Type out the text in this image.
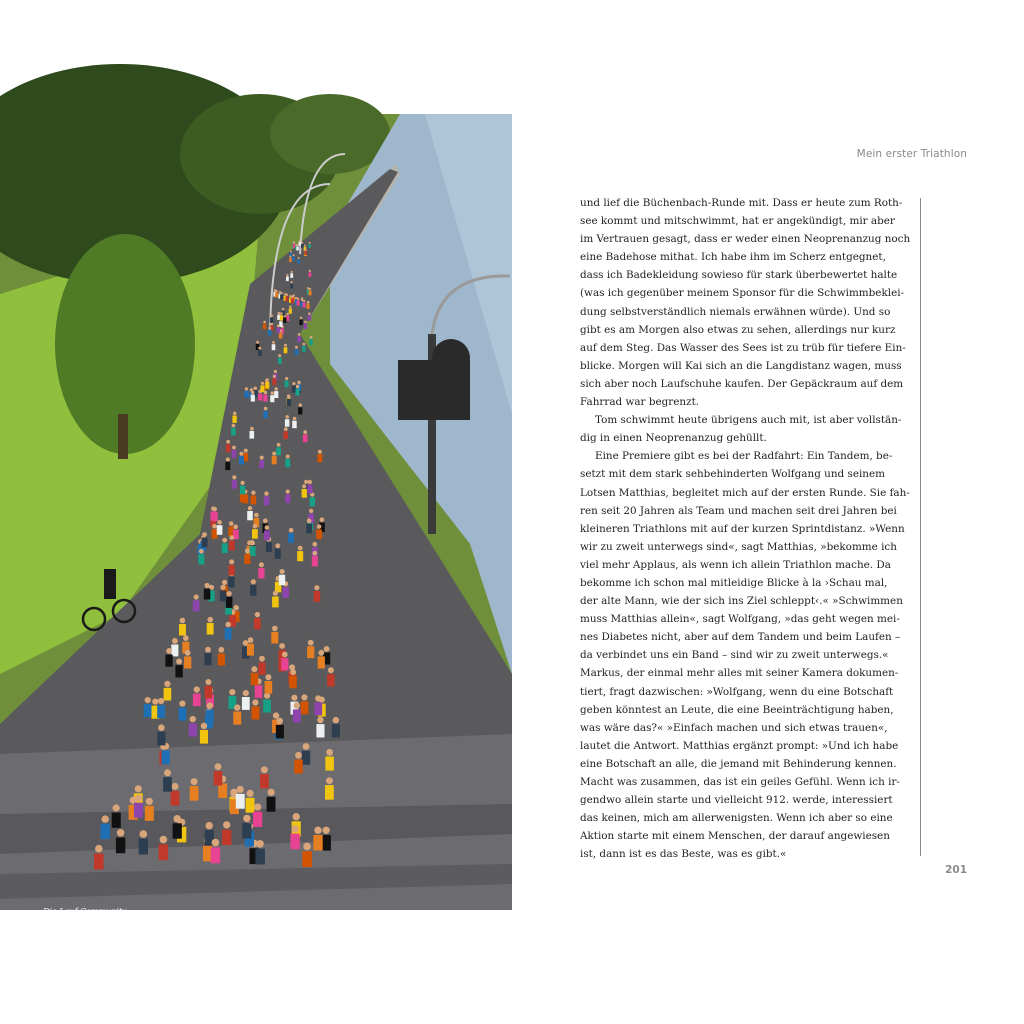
Die Lauf-Community
wird von Tag zu Tag
größer. Hier sind
wir am Wendepunkt
des Südastes am Main-
Donau-Kanal.

Mein erster Triathlon
und lief die Büchenbach-Runde mit. Dass er heute zum Roth-
see kommt und mitschwimmt, hat er angekündigt, mir aber
im Vertrauen gesagt, dass er weder einen Neoprenanzug noch
eine Badehose mithat. Ich habe ihm im Scherz entgegnet,
dass ich Badekleidung sowieso für stark überbewertet halte
(was ich gegenüber meinem Sponsor für die Schwimmbeklei-
dung selbstverständlich niemals erwähnen würde). Und so
gibt es am Morgen also etwas zu sehen, allerdings nur kurz
auf dem Steg. Das Wasser des Sees ist zu trüb für tiefere Ein-
blicke. Morgen will Kai sich an die Langdistanz wagen, muss
sich aber noch Laufschuhe kaufen. Der Gepäckraum auf dem
Fahrrad war begrenzt.
Tom schwimmt heute übrigens auch mit, ist aber vollstän-
dig in einen Neoprenanzug gehüllt.
Eine Premiere gibt es bei der Radfahrt: Ein Tandem, be-
setzt mit dem stark sehbehinderten Wolfgang und seinem
Lotsen Matthias, begleitet mich auf der ersten Runde. Sie fah-
ren seit 20 Jahren als Team und machen seit drei Jahren bei
kleineren Triathlons mit auf der kurzen Sprintdistanz. »Wenn
wir zu zweit unterwegs sind«, sagt Matthias, »bekomme ich
viel mehr Applaus, als wenn ich allein Triathlon mache. Da
bekomme ich schon mal mitleidige Blicke à la ›Schau mal,
der alte Mann, wie der sich ins Ziel schleppt‹.« »Schwimmen
muss Matthias allein«, sagt Wolfgang, »das geht wegen mei-
nes Diabetes nicht, aber auf dem Tandem und beim Laufen –
da verbindet uns ein Band – sind wir zu zweit unterwegs.«
Markus, der einmal mehr alles mit seiner Kamera dokumen-
tiert, fragt dazwischen: »Wolfgang, wenn du eine Botschaft
geben könntest an Leute, die eine Beeinträchtigung haben,
was wäre das?« »Einfach machen und sich etwas trauen«,
lautet die Antwort. Matthias ergänzt prompt: »Und ich habe
eine Botschaft an alle, die jemand mit Behinderung kennen.
Macht was zusammen, das ist ein geiles Gefühl. Wenn ich ir-
gendwo allein starte und vielleicht 912. werde, interessiert
das keinen, mich am allerwenigsten. Wenn ich aber so eine
Aktion starte mit einem Menschen, der darauf angewiesen
ist, dann ist es das Beste, was es gibt.«
201
